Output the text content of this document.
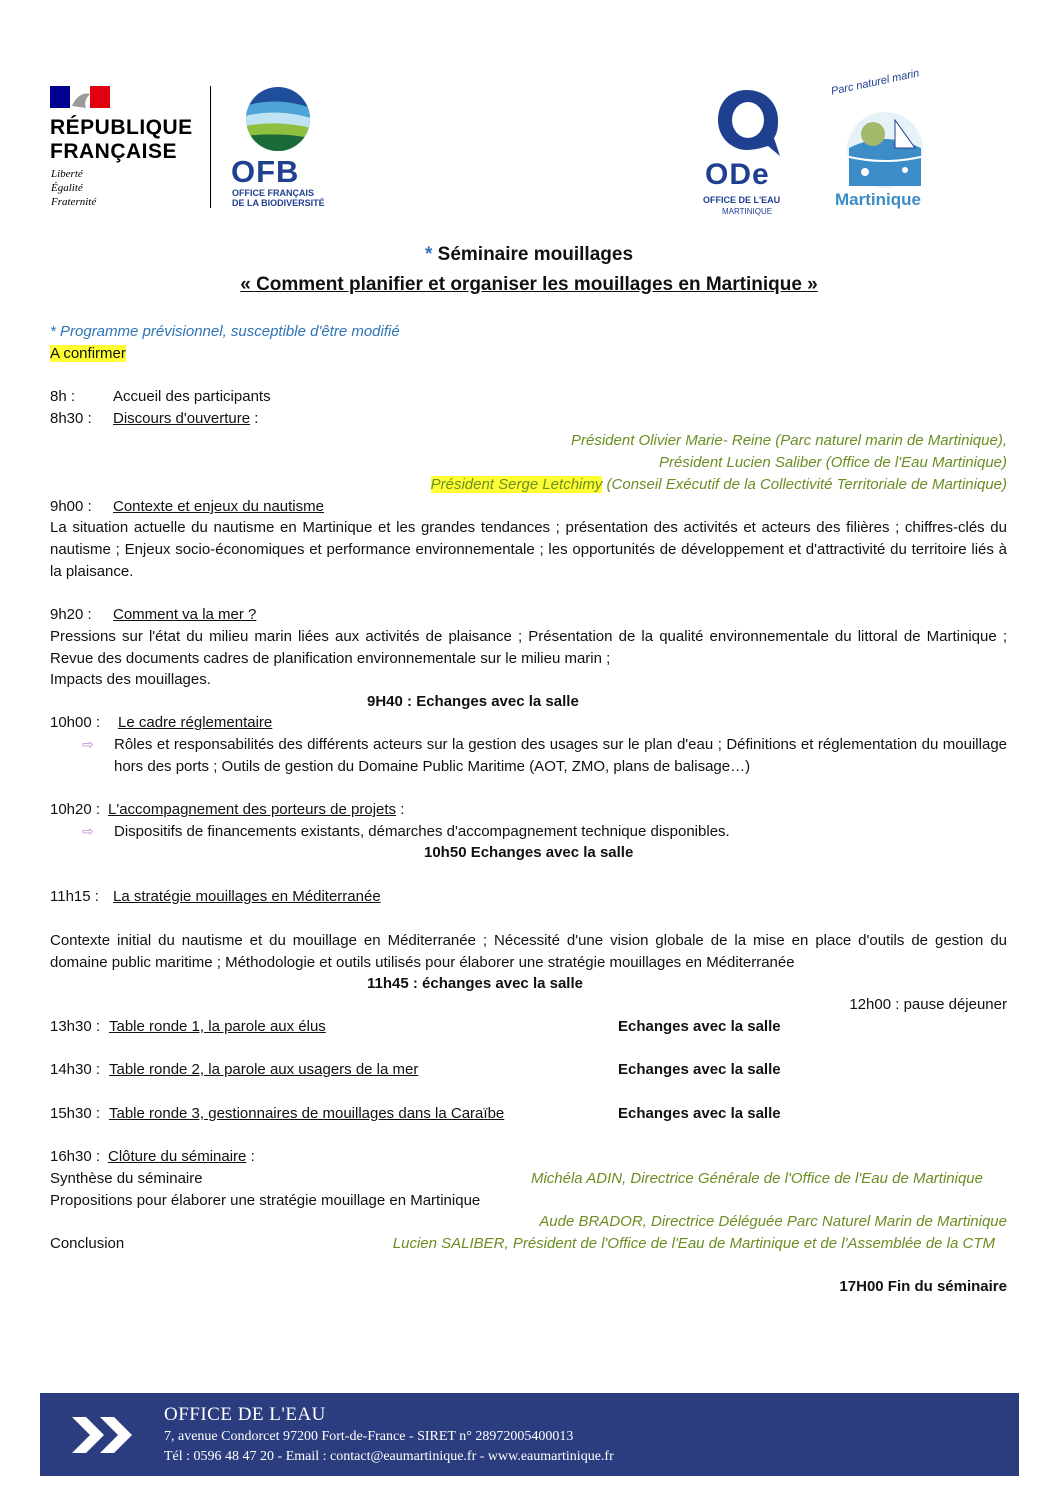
RÉPUBLIQUE
FRANÇAISE
Liberté
Égalité
Fraternité
OFB
OFFICE FRANÇAIS
DE LA BIODIVERSITÉ
ODe
OFFICE DE L'EAU
MARTINIQUE
Parc naturel marin
Martinique
* Séminaire mouillages
« Comment planifier et organiser les mouillages en Martinique »
* Programme prévisionnel, susceptible d'être modifié
A confirmer
8h :	Accueil des participants
8h30 : Discours d'ouverture :
Président Olivier Marie- Reine (Parc naturel marin de Martinique),
Président Lucien Saliber (Office de l'Eau Martinique)
Président Serge Letchimy (Conseil Exécutif de la Collectivité Territoriale de Martinique)
9h00 : Contexte et enjeux du nautisme
La situation actuelle du nautisme en Martinique et les grandes tendances ; présentation des activités et acteurs des filières ; chiffres-clés du nautisme ; Enjeux socio-économiques et performance environnementale ; les opportunités de développement et d'attractivité du territoire liés à la plaisance.
9h20 : Comment va la mer ?
Pressions sur l'état du milieu marin liées aux activités de plaisance ; Présentation de la qualité environnementale du littoral de Martinique ; Revue des documents cadres de planification environnementale sur le milieu marin ;
Impacts des mouillages.
9H40 : Echanges avec la salle
10h00 : Le cadre réglementaire
⇨ Rôles et responsabilités des différents acteurs sur la gestion des usages sur le plan d'eau ; Définitions et réglementation du mouillage hors des ports ; Outils de gestion du Domaine Public Maritime (AOT, ZMO, plans de balisage…)
10h20 : L'accompagnement des porteurs de projets :
⇨ Dispositifs de financements existants, démarches d'accompagnement technique disponibles.
10h50 Echanges avec la salle
11h15 : La stratégie mouillages en Méditerranée
Contexte initial du nautisme et du mouillage en Méditerranée ; Nécessité d'une vision globale de la mise en place d'outils de gestion du domaine public maritime ; Méthodologie et outils utilisés pour élaborer une stratégie mouillages en Méditerranée
11h45 : échanges avec la salle
12h00 : pause déjeuner
13h30 : Table ronde 1, la parole aux élus	Echanges avec la salle
14h30 : Table ronde 2, la parole aux usagers de la mer	Echanges avec la salle
15h30 : Table ronde 3, gestionnaires de mouillages dans la Caraïbe	Echanges avec la salle
16h30 : Clôture du séminaire :
Synthèse du séminaire	Michéla ADIN, Directrice Générale de l'Office de l'Eau de Martinique
Propositions pour élaborer une stratégie mouillage en Martinique
Aude BRADOR, Directrice Déléguée Parc Naturel Marin de Martinique
Conclusion	Lucien SALIBER, Président de l'Office de l'Eau de Martinique et de l'Assemblée de la CTM
17H00 Fin du séminaire
OFFICE DE L'EAU
7, avenue Condorcet 97200 Fort-de-France - SIRET n° 28972005400013
Tél : 0596 48 47 20 - Email : contact@eaumartinique.fr - www.eaumartinique.fr
